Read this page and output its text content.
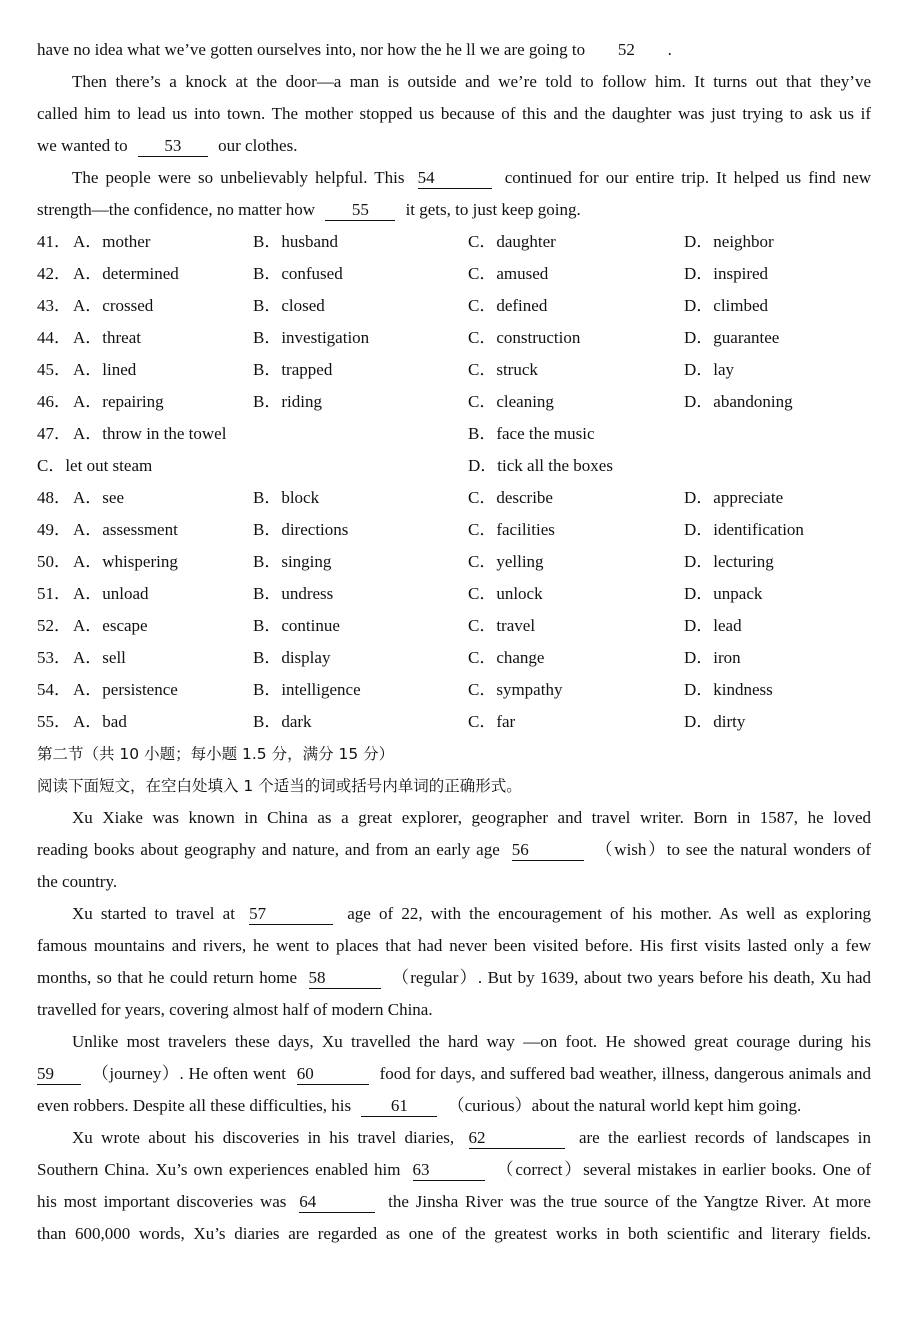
have no idea what we’ve gotten ourselves into, nor how the he ll we are going to 52 .
Then there’s a knock at the door—a man is outside and we’re told to follow him. It turns out that they’ve
called him to lead us into town. The mother stopped us because of this and the daughter was just trying to ask us if
we wanted to 53 our clothes.
The people were so unbelievably helpful. This 54	continued for our entire trip. It helped us find new
strength—the confidence, no matter how 55 it gets, to just keep going.
41． A．mother	B．husband	C．daughter	D．neighbor
42． A．determined	B．confused	C．amused	D．inspired
43． A．crossed	B．closed	C．defined	D．climbed
44． A．threat	B．investigation	C．construction	D．guarantee
45． A．lined	B．trapped	C．struck	D．lay
46． A．repairing	B．riding	C．cleaning	D．abandoning
47． A．throw in the towel	B．face the music
C．let out steam	D．tick all the boxes
48． A．see	B．block	C．describe	D．appreciate
49． A．assessment	B．directions	C．facilities	D．identification
50． A．whispering	B．singing	C．yelling	D．lecturing
51． A．unload	B．undress	C．unlock	D．unpack
52． A．escape	B．continue	C．travel	D．lead
53． A．sell	B．display	C．change	D．iron
54． A．persistence	B．intelligence	C．sympathy	D．kindness
55． A．bad	B．dark	C．far	D．dirty
第二节（共 10 小题；每小题 1.5 分，满分 15 分）
阅读下面短文，在空白处填入 1 个适当的词或括号内单词的正确形式。
Xu Xiake was known in China as a great explorer, geographer and travel writer. Born in 1587, he loved
reading books about geography and nature, and from an early age 56	（wish）to see the natural wonders of
the country.
Xu started to travel at 57	age of 22, with the encouragement of his mother. As well as exploring
famous mountains and rivers, he went to places that had never been visited before. His first visits lasted only a few
months, so that he could return home 58	（regular）. But by 1639, about two years before his death, Xu had
travelled for years, covering almost half of modern China.
Unlike most travelers these days, Xu travelled the hard way —on foot. He showed great courage during his
59 （journey）. He often went 60	food for days, and suffered bad weather, illness, dangerous animals and
even robbers. Despite all these difficulties, his 61 （curious）about the natural world kept him going.
Xu wrote about his discoveries in his travel diaries, 62	are the earliest records of landscapes in
Southern China. Xu’s own experiences enabled him 63	（correct）several mistakes in earlier books. One of
his most important discoveries was 64	the Jinsha River was the true source of the Yangtze River. At more
than 600,000 words, Xu’s diaries are regarded as one of the greatest works in both scientific and literary fields.
